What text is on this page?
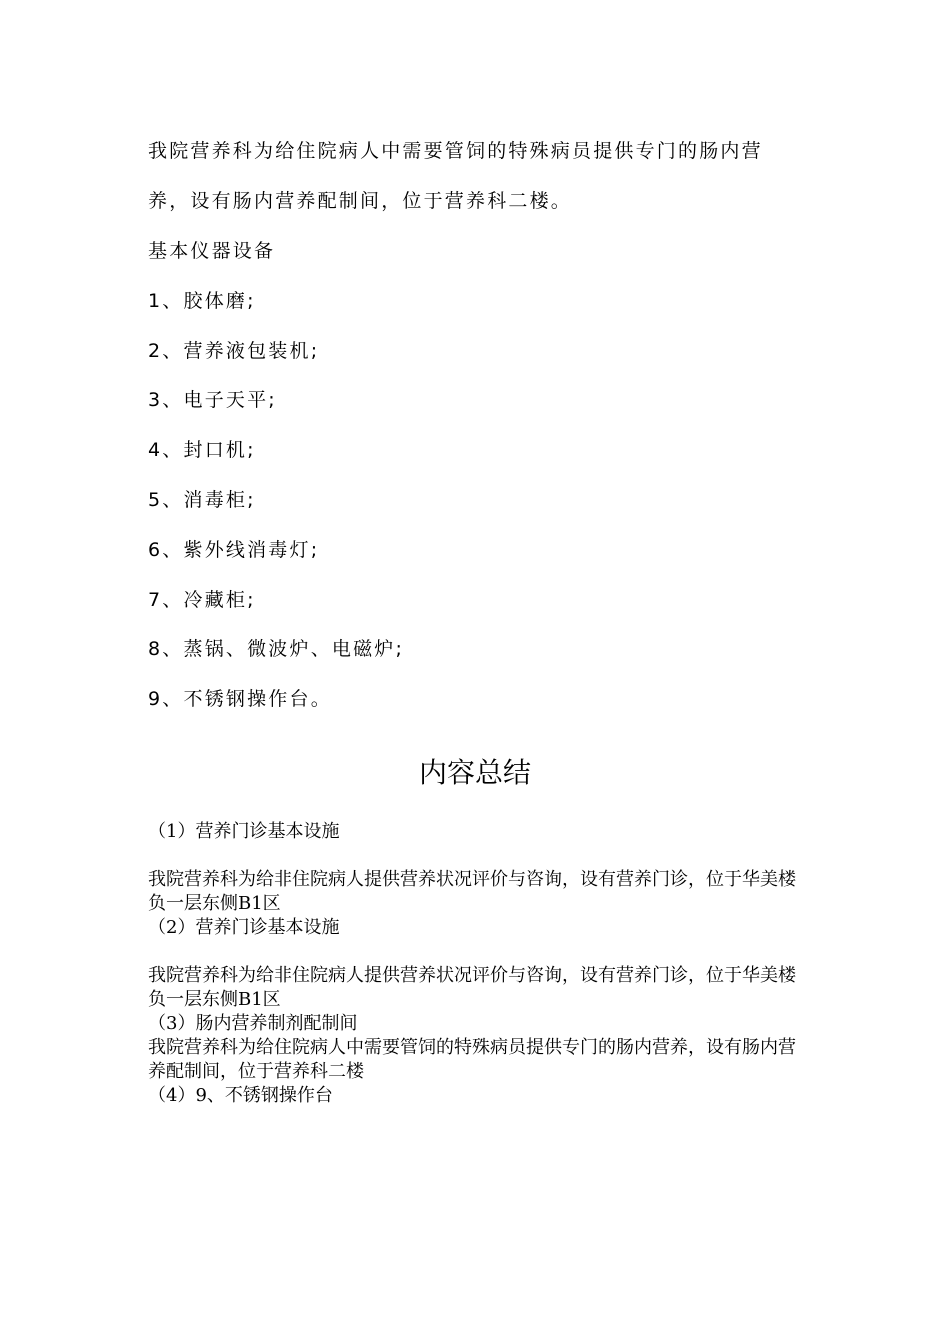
我院营养科为给住院病人中需要管饲的特殊病员提供专门的肠内营
养，设有肠内营养配制间，位于营养科二楼。
基本仪器设备
1、胶体磨;
2、营养液包装机;
3、电子天平;
4、封口机;
5、消毒柜;
6、紫外线消毒灯;
7、冷藏柜;
8、蒸锅、微波炉、电磁炉;
9、不锈钢操作台。
内容总结

（1）营养门诊基本设施

我院营养科为给非住院病人提供营养状况评价与咨询，设有营养门诊，位于华美楼负一层东侧B1区

（2）营养门诊基本设施

我院营养科为给非住院病人提供营养状况评价与咨询，设有营养门诊，位于华美楼负一层东侧B1区

（3）肠内营养制剂配制间

我院营养科为给住院病人中需要管饲的特殊病员提供专门的肠内营养，设有肠内营养配制间，位于营养科二楼

（4）9、不锈钢操作台
